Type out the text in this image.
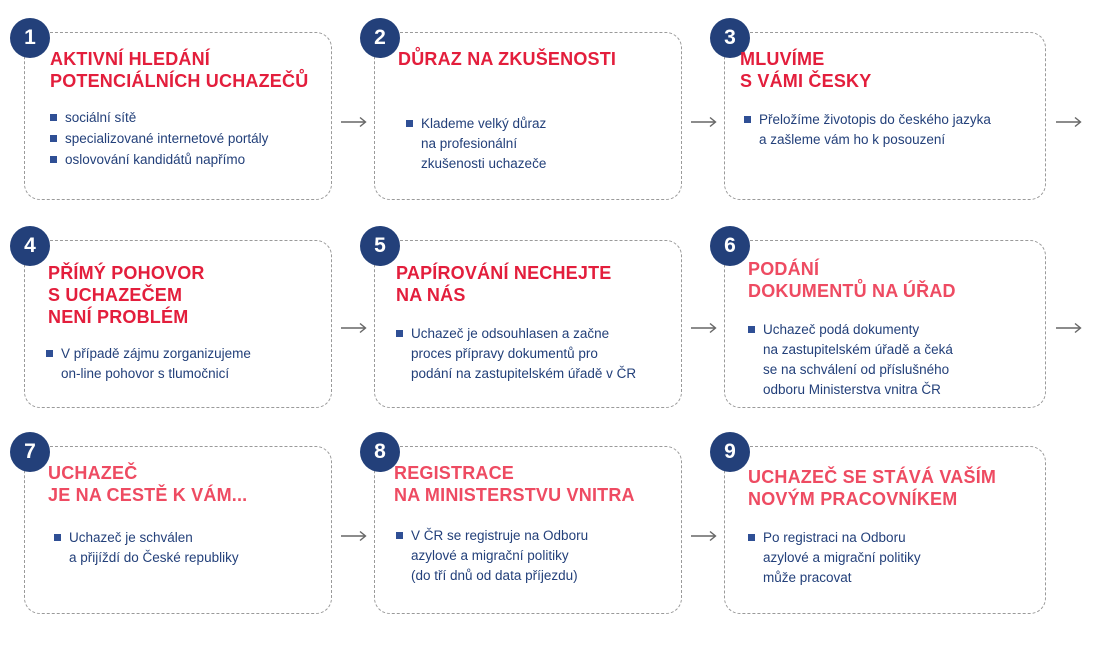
1
AKTIVNÍ HLEDÁNÍ
POTENCIÁLNÍCH UCHAZEČŮ
sociální sítě
specializované internetové portály
oslovování kandidátů napřímo
2
DŮRAZ NA ZKUŠENOSTI
Klademe velký důraz
na profesionální
zkušenosti uchazeče
3
MLUVÍME
S VÁMI ČESKY
Přeložíme životopis do českého jazyka
a zašleme vám ho k posouzení
4
PŘÍMÝ POHOVOR
S UCHAZEČEM
NENÍ PROBLÉM
V případě zájmu zorganizujeme
on-line pohovor s tlumočnicí
5
PAPÍROVÁNÍ NECHEJTE
NA NÁS
Uchazeč je odsouhlasen a začne
proces přípravy dokumentů pro
podání na zastupitelském úřadě v ČR
6
PODÁNÍ
DOKUMENTŮ NA ÚŘAD
Uchazeč podá dokumenty
na zastupitelském úřadě a čeká
se na schválení od příslušného
odboru Ministerstva vnitra ČR
7
UCHAZEČ
JE NA CESTĚ K VÁM...
Uchazeč je schválen
a přijíždí do České republiky
8
REGISTRACE
NA MINISTERSTVU VNITRA
V ČR se registruje na Odboru
azylové a migrační politiky
(do tří dnů od data příjezdu)
9
UCHAZEČ SE STÁVÁ VAŠÍM
NOVÝM PRACOVNÍKEM
Po registraci na Odboru
azylové a migrační politiky
může pracovat
